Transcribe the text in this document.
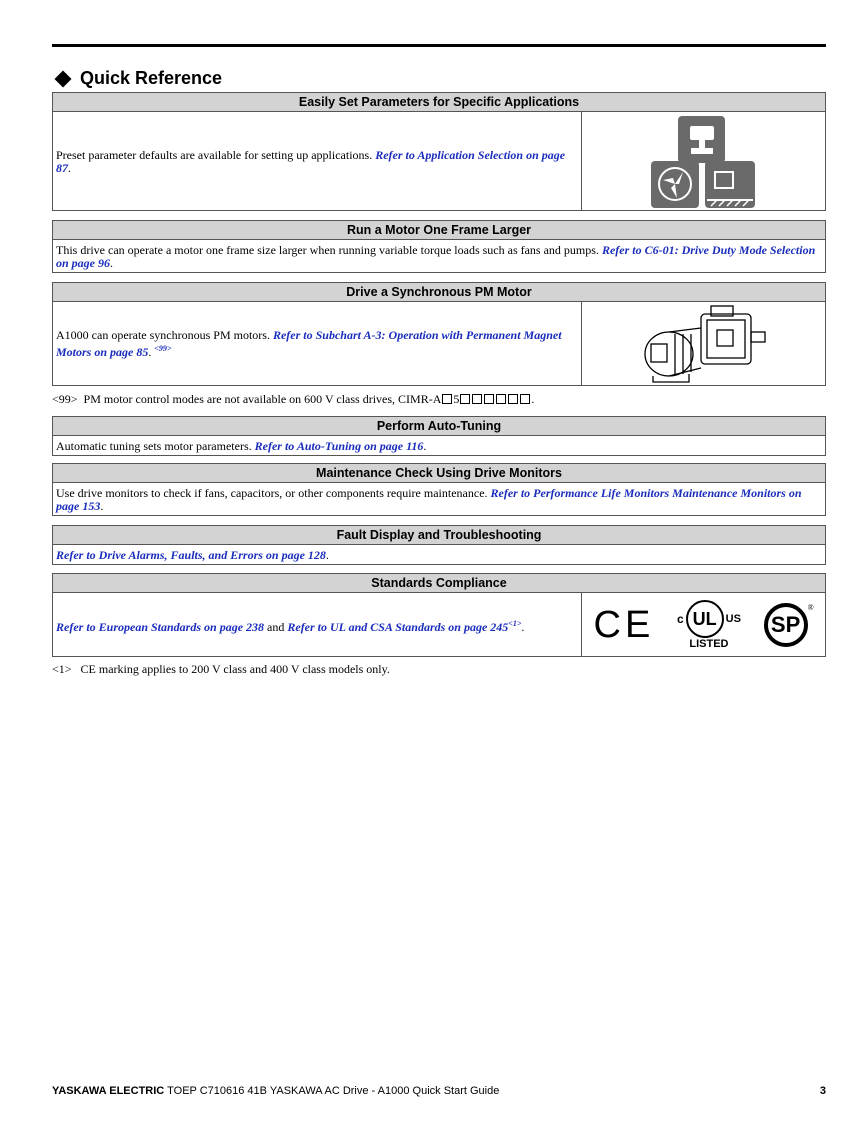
Quick Reference
Easily Set Parameters for Specific Applications
Preset parameter defaults are available for setting up applications. Refer to Application Selection on page 87.
Run a Motor One Frame Larger
This drive can operate a motor one frame size larger when running variable torque loads such as fans and pumps. Refer to C6-01: Drive Duty Mode Selection on page 96.
Drive a Synchronous PM Motor
A1000 can operate synchronous PM motors. Refer to Subchart A-3: Operation with Permanent Magnet Motors on page 85. $^{<99>}$
<99> PM motor control modes are not available on 600 V class drives, CIMR-A 5	.
Perform Auto-Tuning
Automatic tuning sets motor parameters. Refer to Auto-Tuning on page 116.
Maintenance Check Using Drive Monitors
Use drive monitors to check if fans, capacitors, or other components require maintenance. Refer to Performance Life Monitors Maintenance Monitors on page 153.
Fault Display and Troubleshooting
Refer to Drive Alarms, Faults, and Errors on page 128.
Standards Compliance
Refer to European Standards on page 238 and Refer to UL and CSA Standards on page 245$^{<1>}$. CE c UL US
LISTED
SP
®
<1> CE marking applies to 200 V class and 400 V class models only.
YASKAWA ELECTRIC TOEP C710616 41B YASKAWA AC Drive - A1000 Quick Start Guide	3
